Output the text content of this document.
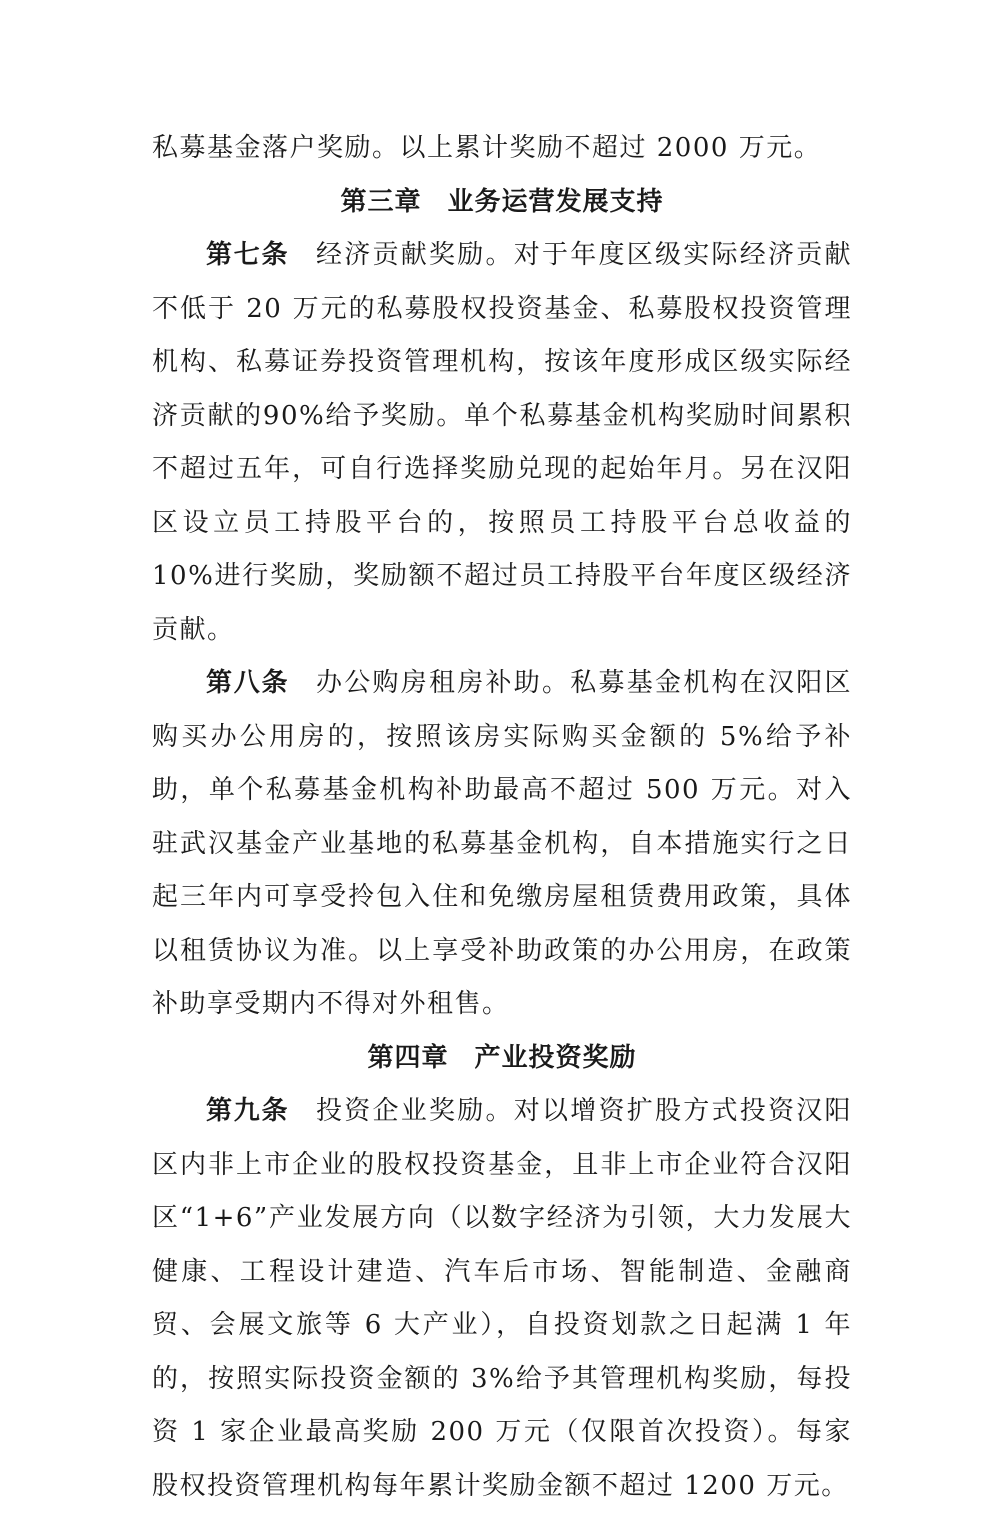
私募基金落户奖励。以上累计奖励不超过 2000 万元。

第三章 业务运营发展支持

第七条 经济贡献奖励。对于年度区级实际经济贡献不低于 20 万元的私募股权投资基金、私募股权投资管理机构、私募证券投资管理机构，按该年度形成区级实际经济贡献的90%给予奖励。单个私募基金机构奖励时间累积不超过五年，可自行选择奖励兑现的起始年月。另在汉阳区设立员工持股平台的，按照员工持股平台总收益的 10%进行奖励，奖励额不超过员工持股平台年度区级经济贡献。

第八条 办公购房租房补助。私募基金机构在汉阳区购买办公用房的，按照该房实际购买金额的 5%给予补助，单个私募基金机构补助最高不超过 500 万元。对入驻武汉基金产业基地的私募基金机构，自本措施实行之日起三年内可享受拎包入住和免缴房屋租赁费用政策，具体以租赁协议为准。以上享受补助政策的办公用房，在政策补助享受期内不得对外租售。

第四章 产业投资奖励

第九条 投资企业奖励。对以增资扩股方式投资汉阳区内非上市企业的股权投资基金，且非上市企业符合汉阳区“1+6”产业发展方向（以数字经济为引领，大力发展大健康、工程设计建造、汽车后市场、智能制造、金融商贸、会展文旅等 6 大产业），自投资划款之日起满 1 年的，按照实际投资金额的 3%给予其管理机构奖励，每投资 1 家企业最高奖励 200 万元（仅限首次投资）。每家股权投资管理机构每年累计奖励金额不超过 1200 万元。
